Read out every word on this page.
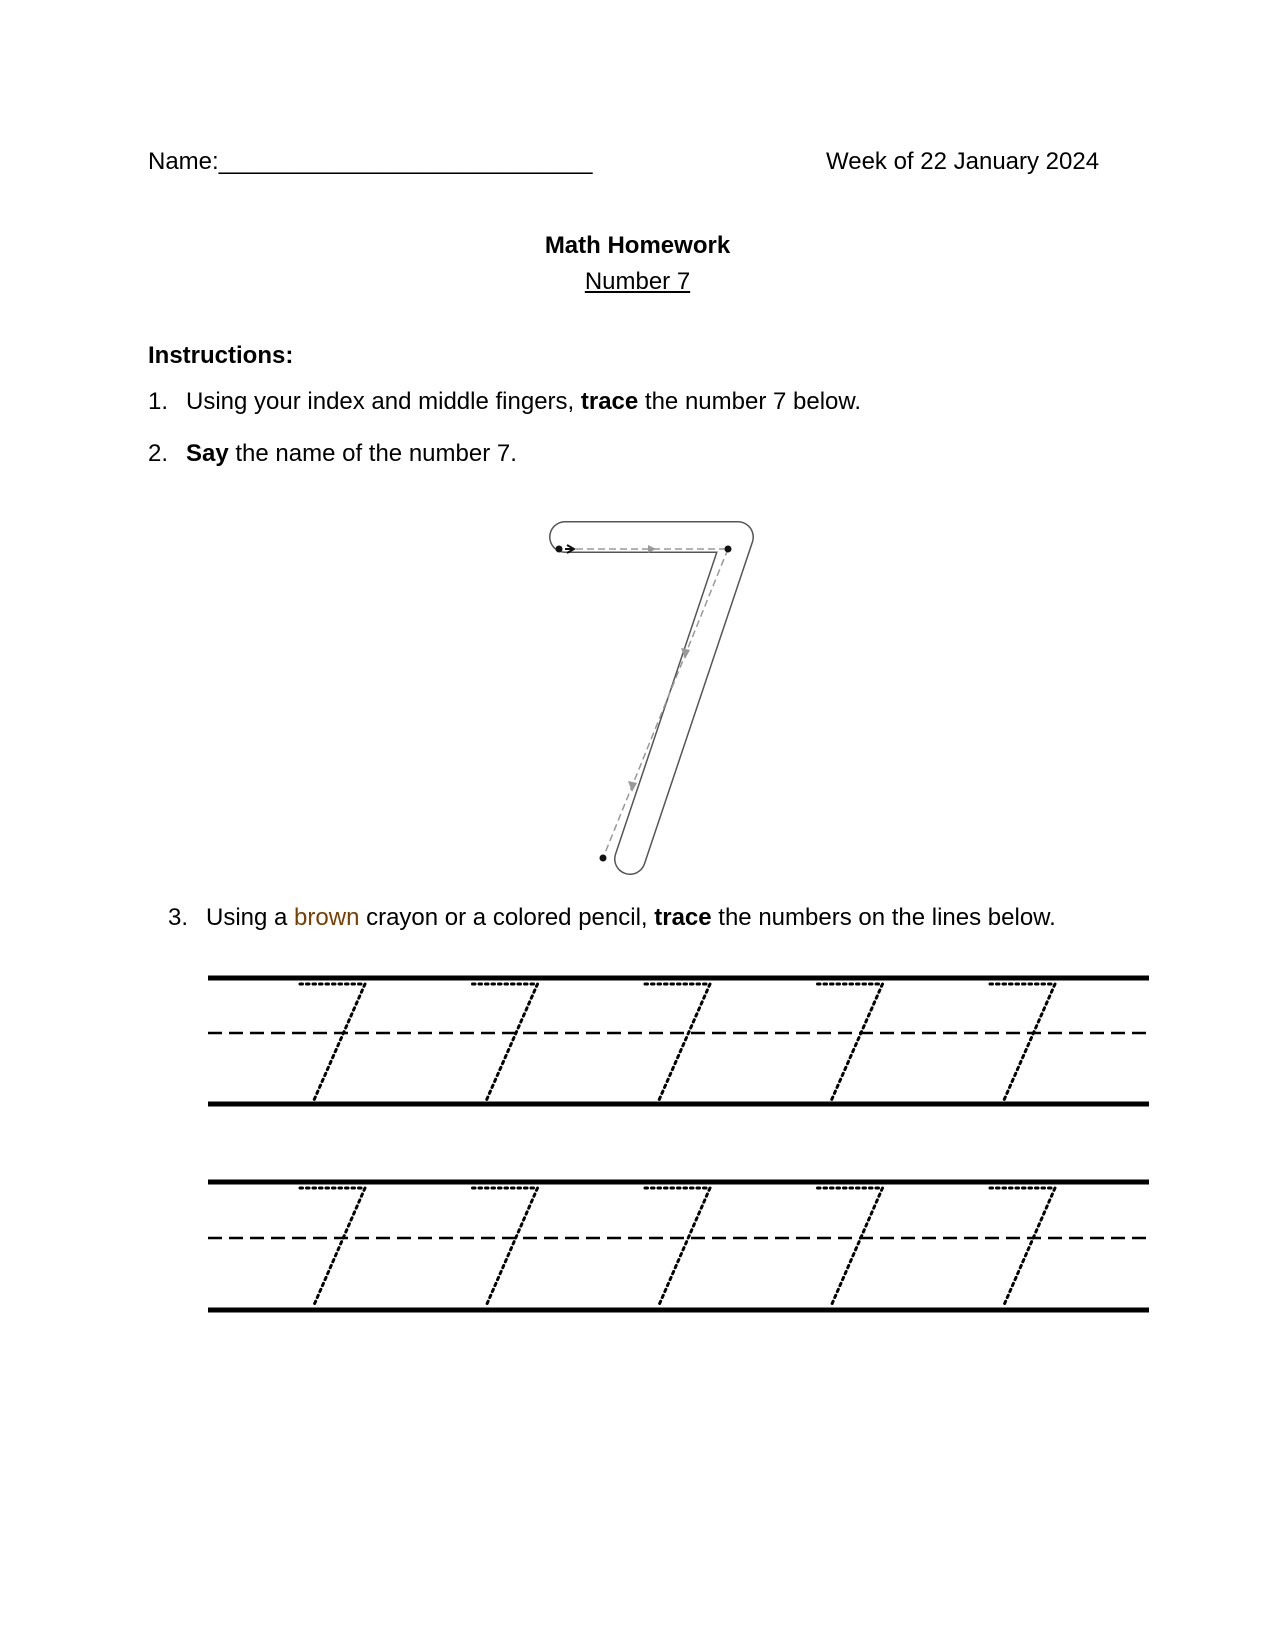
Name:____________________________	Week of 22 January 2024
Math Homework
Number 7
Instructions:
1. Using your index and middle fingers, trace the number 7 below.
2. Say the name of the number 7.
3. Using a brown crayon or a colored pencil, trace the numbers on the lines below.
